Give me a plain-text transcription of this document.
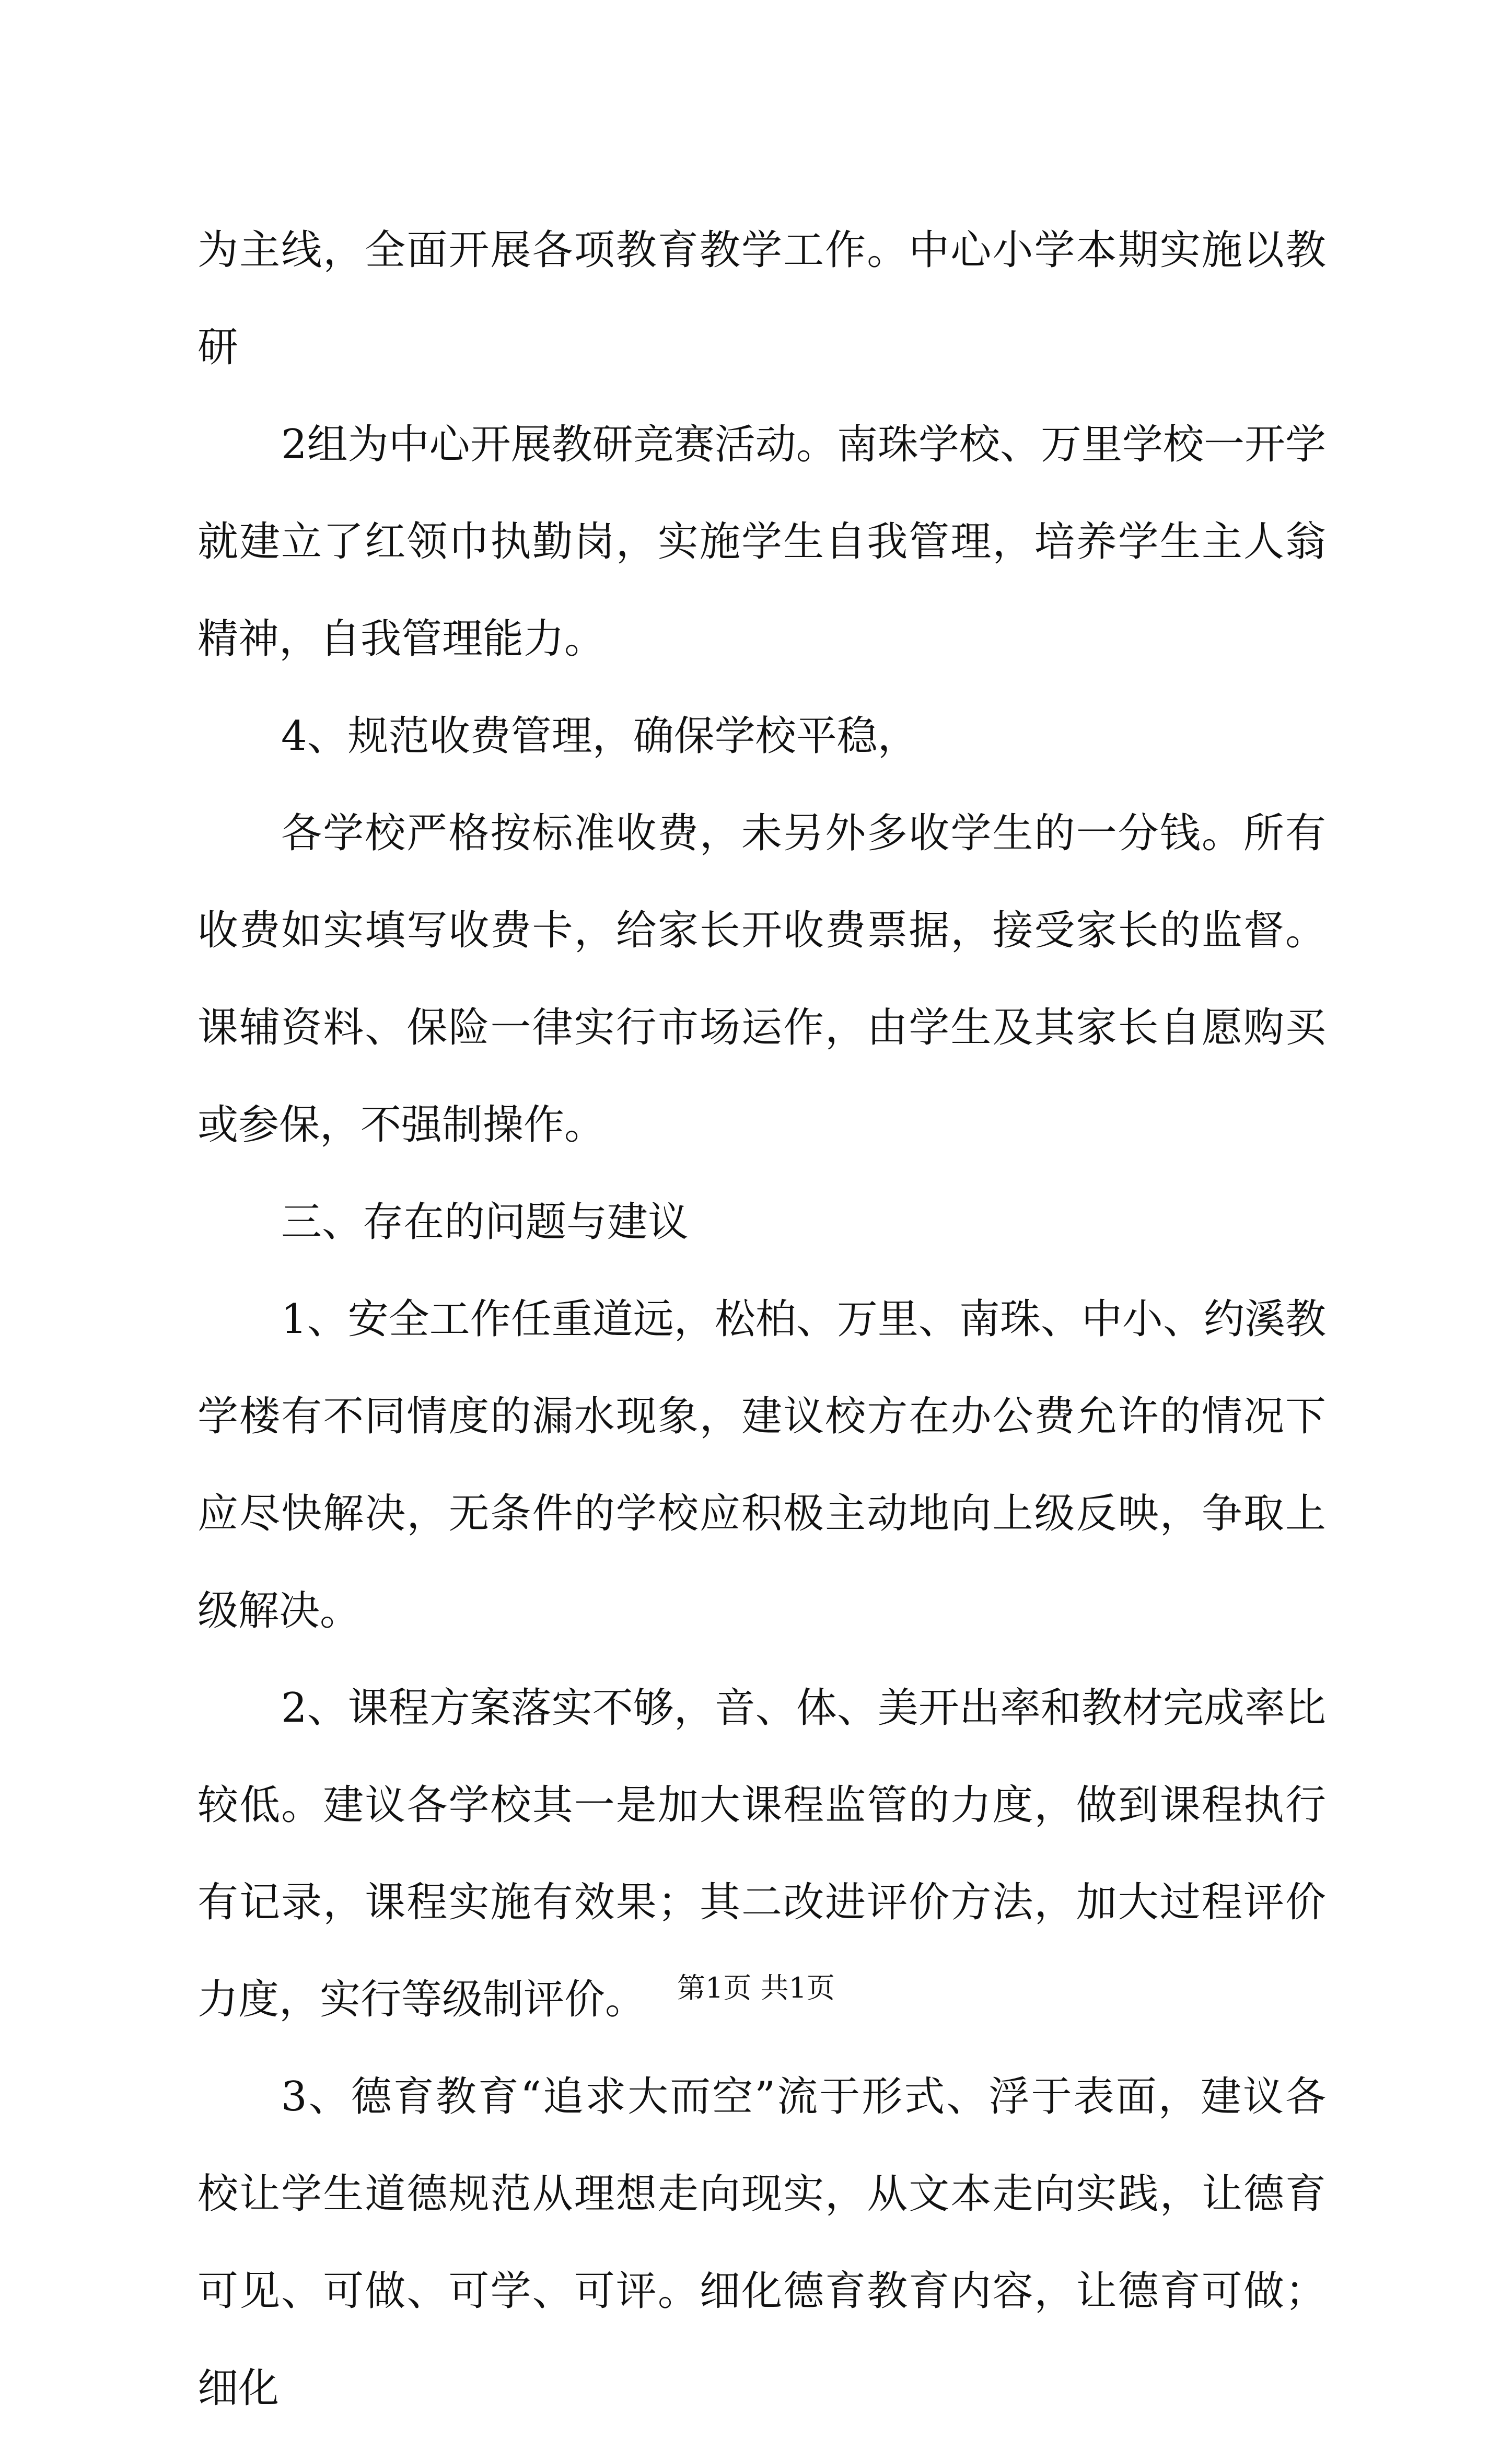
为主线，全面开展各项教育教学工作。中心小学本期实施以教研

2组为中心开展教研竞赛活动。南珠学校、万里学校一开学就建立了红领巾执勤岗，实施学生自我管理，培养学生主人翁精神，自我管理能力。

4、规范收费管理，确保学校平稳，

各学校严格按标准收费，未另外多收学生的一分钱。所有收费如实填写收费卡，给家长开收费票据，接受家长的监督。课辅资料、保险一律实行市场运作，由学生及其家长自愿购买或参保，不强制操作。

三、存在的问题与建议

1、安全工作任重道远，松柏、万里、南珠、中小、约溪教学楼有不同情度的漏水现象，建议校方在办公费允许的情况下应尽快解决，无条件的学校应积极主动地向上级反映，争取上级解决。

2、课程方案落实不够，音、体、美开出率和教材完成率比较低。建议各学校其一是加大课程监管的力度，做到课程执行有记录，课程实施有效果；其二改进评价方法，加大过程评价力度，实行等级制评价。

3、德育教育“追求大而空”流于形式、浮于表面，建议各校让学生道德规范从理想走向现实，从文本走向实践，让德育可见、可做、可学、可评。细化德育教育内容，让德育可做；细化

第1页 共1页
